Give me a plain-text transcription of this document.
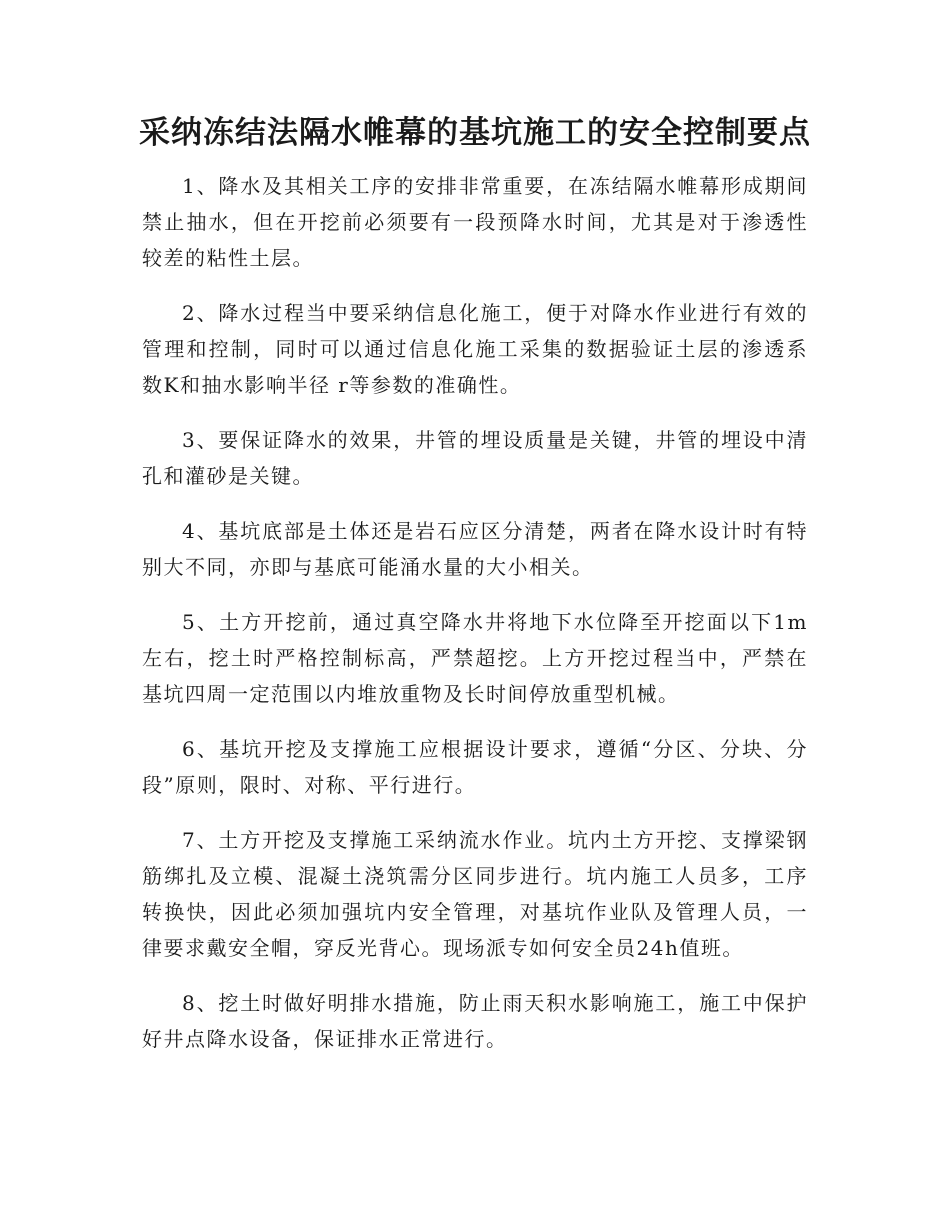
采纳冻结法隔水帷幕的基坑施工的安全控制要点

1、降水及其相关工序的安排非常重要，在冻结隔水帷幕形成期间禁止抽水，但在开挖前必须要有一段预降水时间，尤其是对于渗透性较差的粘性土层。

2、降水过程当中要采纳信息化施工，便于对降水作业进行有效的管理和控制，同时可以通过信息化施工采集的数据验证土层的渗透系数K和抽水影响半径 r等参数的准确性。

3、要保证降水的效果，井管的埋设质量是关键，井管的埋设中清孔和灌砂是关键。

4、基坑底部是土体还是岩石应区分清楚，两者在降水设计时有特别大不同，亦即与基底可能涌水量的大小相关。

5、土方开挖前，通过真空降水井将地下水位降至开挖面以下1m左右，挖土时严格控制标高，严禁超挖。上方开挖过程当中，严禁在基坑四周一定范围以内堆放重物及长时间停放重型机械。

6、基坑开挖及支撑施工应根据设计要求，遵循“分区、分块、分段”原则，限时、对称、平行进行。

7、土方开挖及支撑施工采纳流水作业。坑内土方开挖、支撑梁钢筋绑扎及立模、混凝土浇筑需分区同步进行。坑内施工人员多，工序转换快，因此必须加强坑内安全管理，对基坑作业队及管理人员，一律要求戴安全帽，穿反光背心。现场派专如何安全员24h值班。

8、挖土时做好明排水措施，防止雨天积水影响施工，施工中保护好井点降水设备，保证排水正常进行。
